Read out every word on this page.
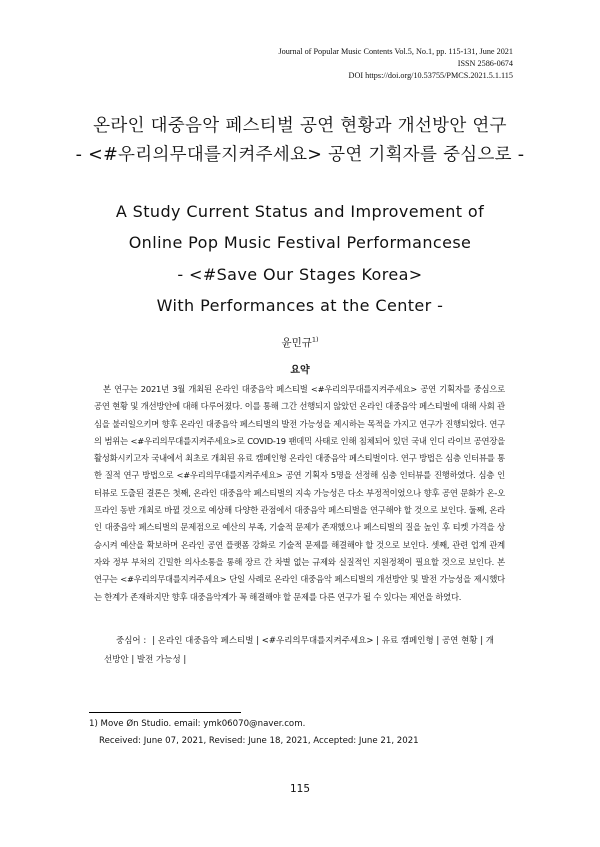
Journal of Popular Music Contents Vol.5, No.1, pp. 115-131, June 2021
ISSN 2586-0674
DOI https://doi.org/10.53755/PMCS.2021.5.1.115
온라인 대중음악 페스티벌 공연 현황과 개선방안 연구
- <#우리의무대를지켜주세요> 공연 기획자를 중심으로 -
A Study Current Status and Improvement of
Online Pop Music Festival Performancese
- <#Save Our Stages Korea>
With Performances at the Center -
윤민규$^{1)}$
요약

본 연구는 2021년 3월 개최된 온라인 대중음악 페스티벌 <#우리의무대를지켜주세요> 공연 기획자를 중심으로 공연 현황 및 개선방안에 대해 다루어졌다. 이를 통해 그간 선행되지 않았던 온라인 대중음악 페스티벌에 대해 사회 관심을 불러일으키며 향후 온라인 대중음악 페스티벌의 발전 가능성을 제시하는 목적을 가지고 연구가 진행되었다. 연구의 범위는 <#우리의무대를지켜주세요>로 COVID-19 팬데믹 사태로 인해 침체되어 있던 국내 인디 라이브 공연장을 활성화시키고자 국내에서 최초로 개최된 유료 캠페인형 온라인 대중음악 페스티벌이다. 연구 방법은 심층 인터뷰를 통한 질적 연구 방법으로 <#우리의무대를지켜주세요> 공연 기획자 5명을 선정해 심층 인터뷰를 진행하였다. 심층 인터뷰로 도출된 결론은 첫째, 온라인 대중음악 페스티벌의 지속 가능성은 다소 부정적이었으나 향후 공연 문화가 온-오프라인 동반 개최로 바뀔 것으로 예상해 다양한 관점에서 대중음악 페스티벌을 연구해야 할 것으로 보인다. 둘째, 온라인 대중음악 페스티벌의 문제점으로 예산의 부족, 기술적 문제가 존재했으나 페스티벌의 질을 높인 후 티켓 가격을 상승시켜 예산을 확보하며 온라인 공연 플랫폼 강화로 기술적 문제를 해결해야 할 것으로 보인다. 셋째, 관련 업계 관계자와 정부 부처의 긴밀한 의사소통을 통해 장르 간 차별 없는 규제와 실질적인 지원정책이 필요할 것으로 보인다. 본 연구는 <#우리의무대를지켜주세요> 단일 사례로 온라인 대중음악 페스티벌의 개선방안 및 발전 가능성을 제시했다는 한계가 존재하지만 향후 대중음악계가 꼭 해결해야 할 문제를 다른 연구가 될 수 있다는 제언을 하였다.

중심어 : | 온라인 대중음악 페스티벌 | <#우리의무대를지켜주세요> | 유료 캠페인형 | 공연 현황 | 개선방안 | 발전 가능성 |

1) Move Øn Studio. email: ymk06070@naver.com.
Received: June 07, 2021, Revised: June 18, 2021, Accepted: June 21, 2021
115
